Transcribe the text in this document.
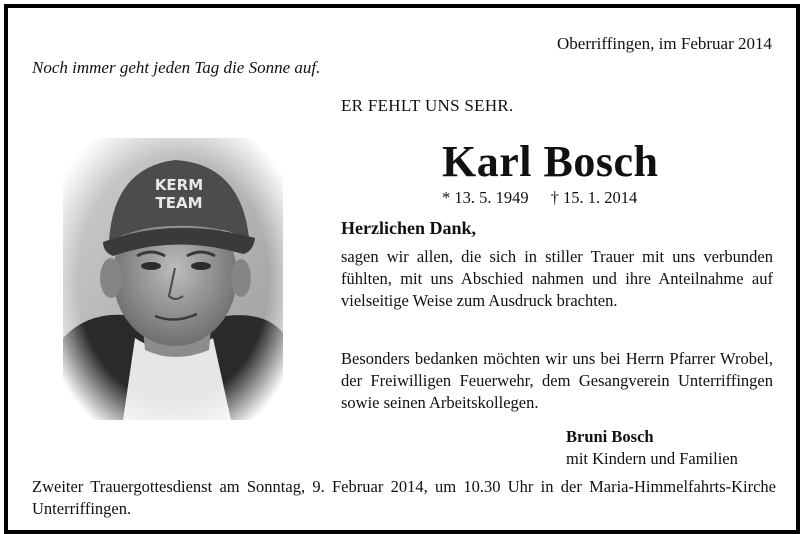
Oberriffingen, im Februar 2014
Noch immer geht jeden Tag die Sonne auf.
ER FEHLT UNS SEHR.
Karl Bosch
* 13. 5. 1949 † 15. 1. 2014
Herzlichen Dank,
sagen wir allen, die sich in stiller Trauer mit uns verbunden fühlten, mit uns Abschied nahmen und ihre Anteilnahme auf vielseitige Weise zum Ausdruck brachten.
Besonders bedanken möchten wir uns bei Herrn Pfarrer Wrobel, der Freiwilligen Feuerwehr, dem Gesangverein Unterriffingen sowie seinen Arbeitskollegen.
Bruni Bosch
mit Kindern und Familien
Zweiter Trauergottesdienst am Sonntag, 9. Februar 2014, um 10.30 Uhr in der Maria-Himmelfahrts-Kirche Unterriffingen.
